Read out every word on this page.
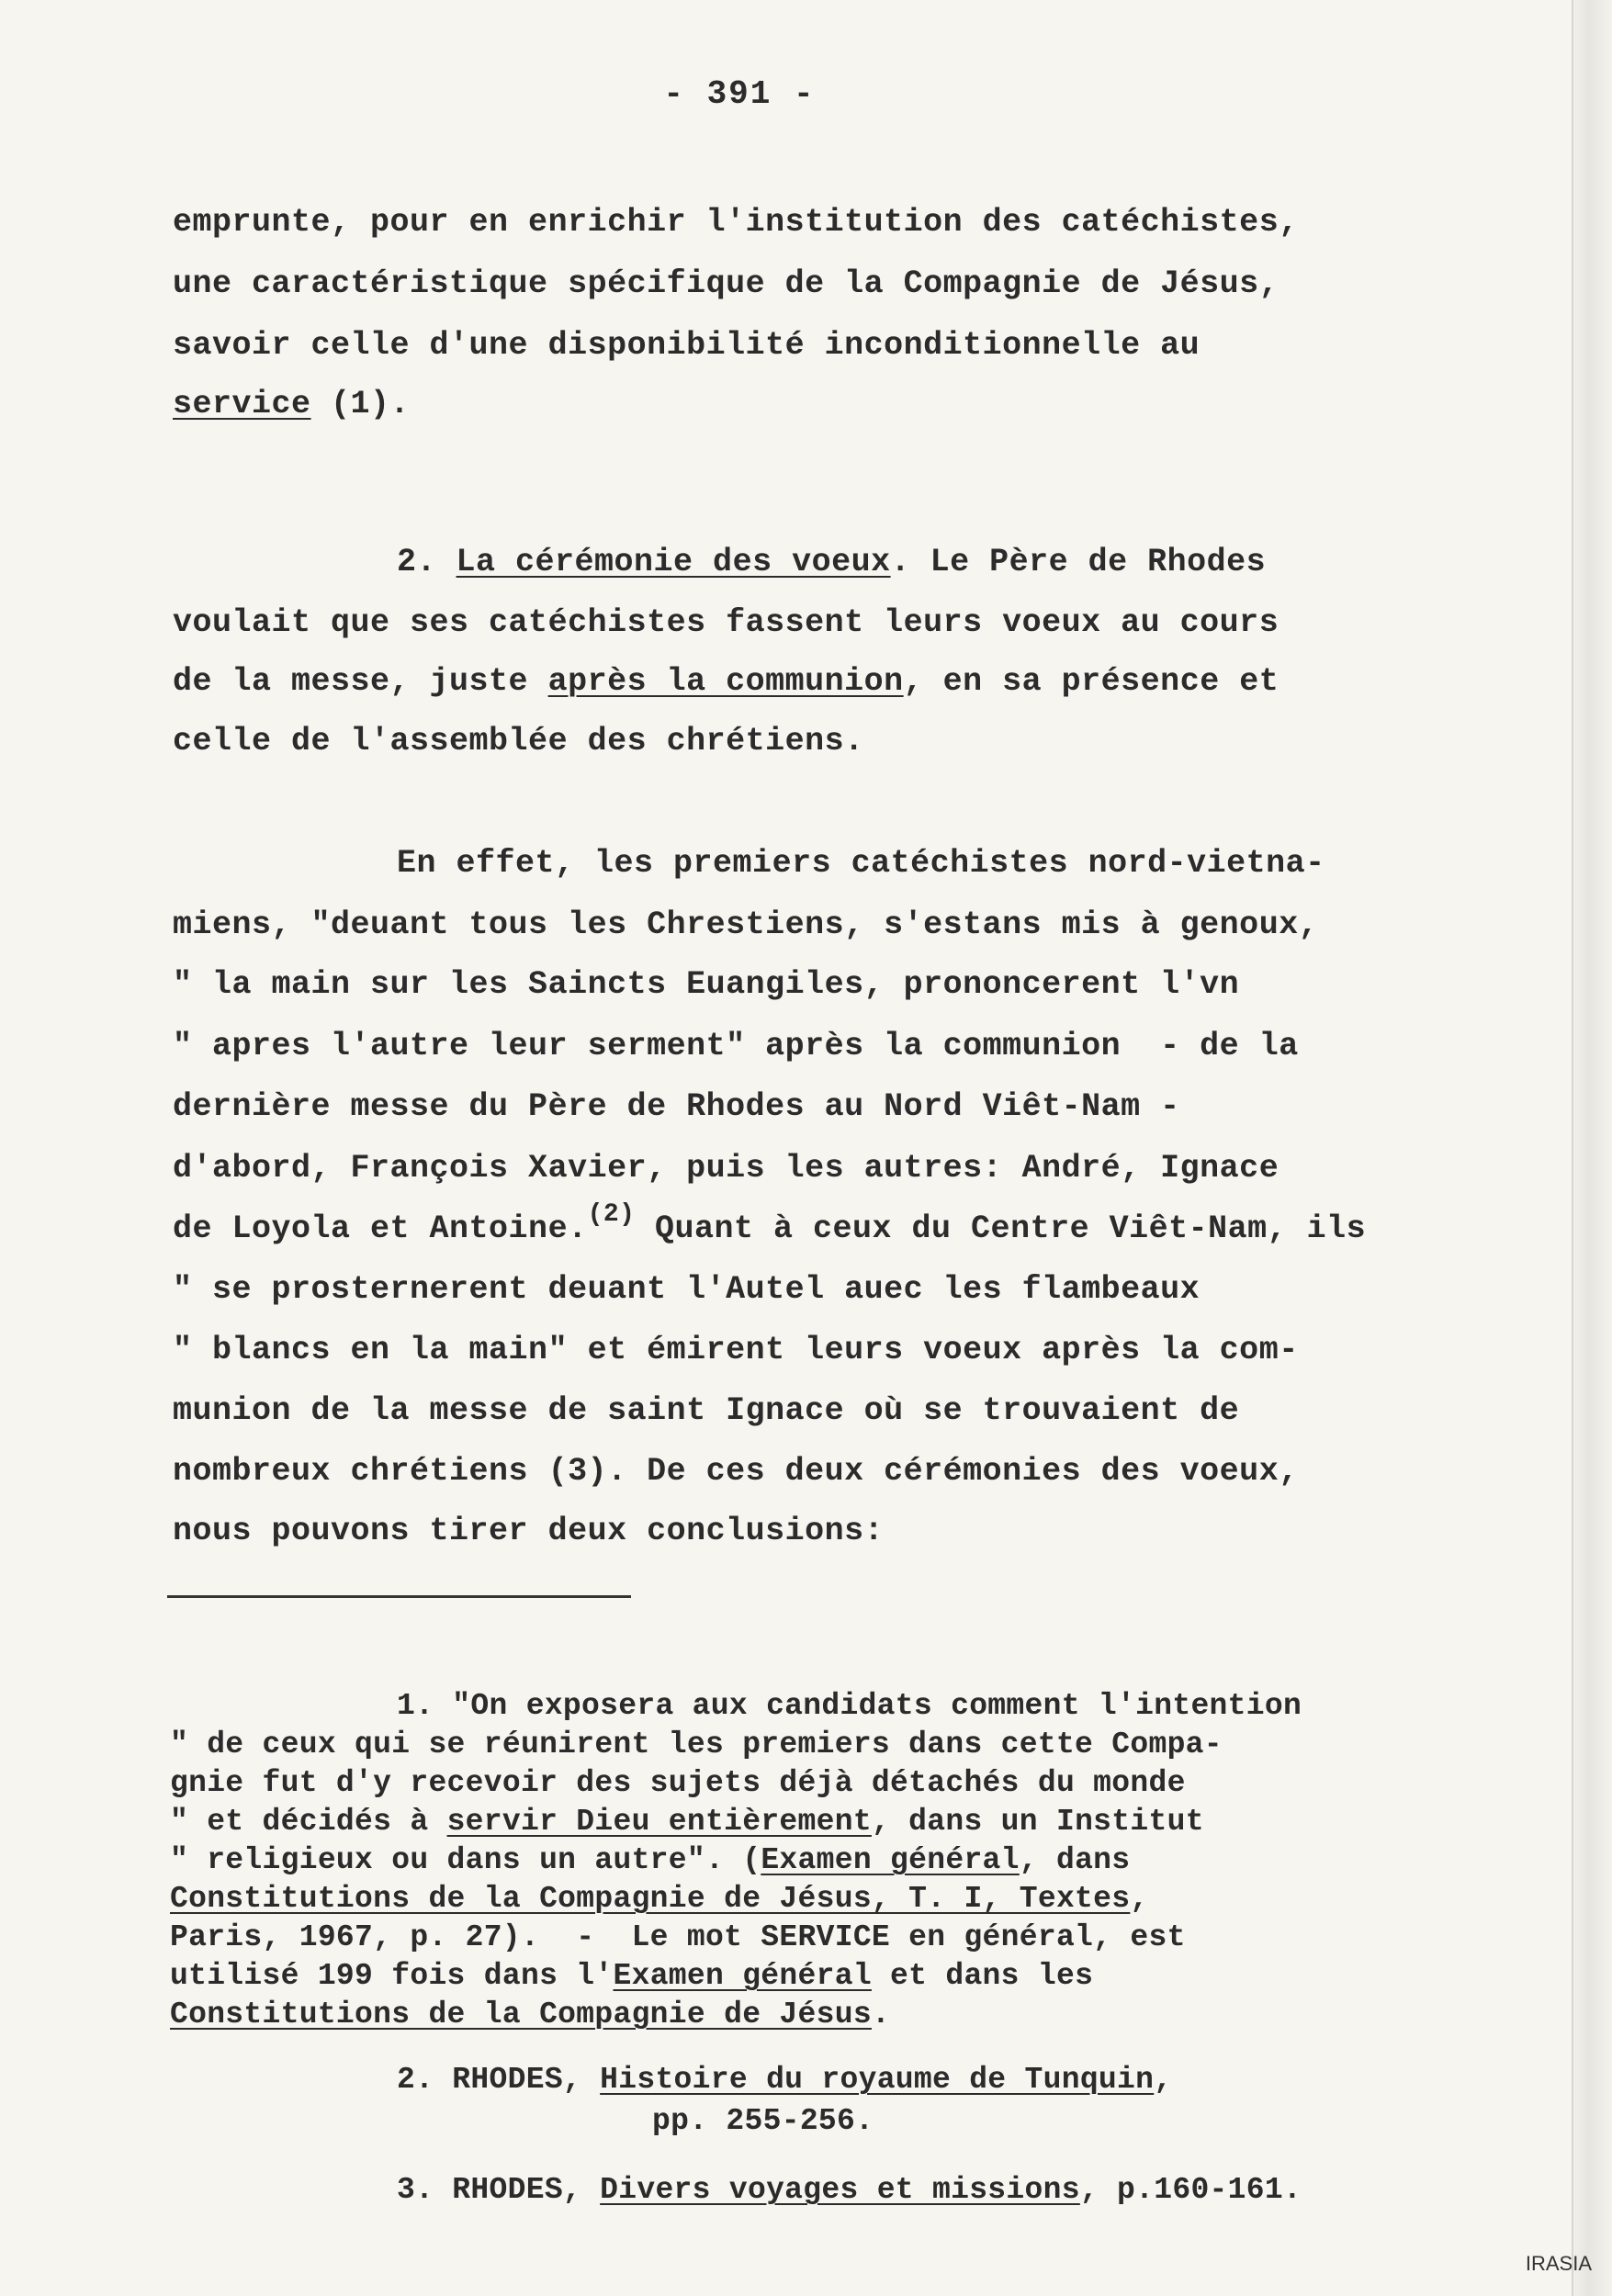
- 391 -
emprunte, pour en enrichir l'institution des catéchistes,
une caractéristique spécifique de la Compagnie de Jésus,
savoir celle d'une disponibilité inconditionnelle au
service (1).
2. La cérémonie des voeux. Le Père de Rhodes
voulait que ses catéchistes fassent leurs voeux au cours
de la messe, juste après la communion, en sa présence et
celle de l'assemblée des chrétiens.
En effet, les premiers catéchistes nord-vietna-
miens, "deuant tous les Chrestiens, s'estans mis à genoux,
" la main sur les Saincts Euangiles, prononcerent l'vn
" apres l'autre leur serment" après la communion  - de la
dernière messe du Père de Rhodes au Nord Viêt-Nam -
d'abord, François Xavier, puis les autres: André, Ignace
de Loyola et Antoine.$^{(2)}$ Quant à ceux du Centre Viêt-Nam, ils
" se prosternerent deuant l'Autel auec les flambeaux
" blancs en la main" et émirent leurs voeux après la com-
munion de la messe de saint Ignace où se trouvaient de
nombreux chrétiens (3). De ces deux cérémonies des voeux,
nous pouvons tirer deux conclusions:
1. "On exposera aux candidats comment l'intention
" de ceux qui se réunirent les premiers dans cette Compa-
gnie fut d'y recevoir des sujets déjà détachés du monde
" et décidés à servir Dieu entièrement, dans un Institut
" religieux ou dans un autre". (Examen général, dans
Constitutions de la Compagnie de Jésus, T. I, Textes,
Paris, 1967, p. 27).  -  Le mot SERVICE en général, est
utilisé 199 fois dans l'Examen général et dans les
Constitutions de la Compagnie de Jésus.
2. RHODES, Histoire du royaume de Tunquin,
pp. 255-256.
3. RHODES, Divers voyages et missions, p.160-161.
IRASIA
